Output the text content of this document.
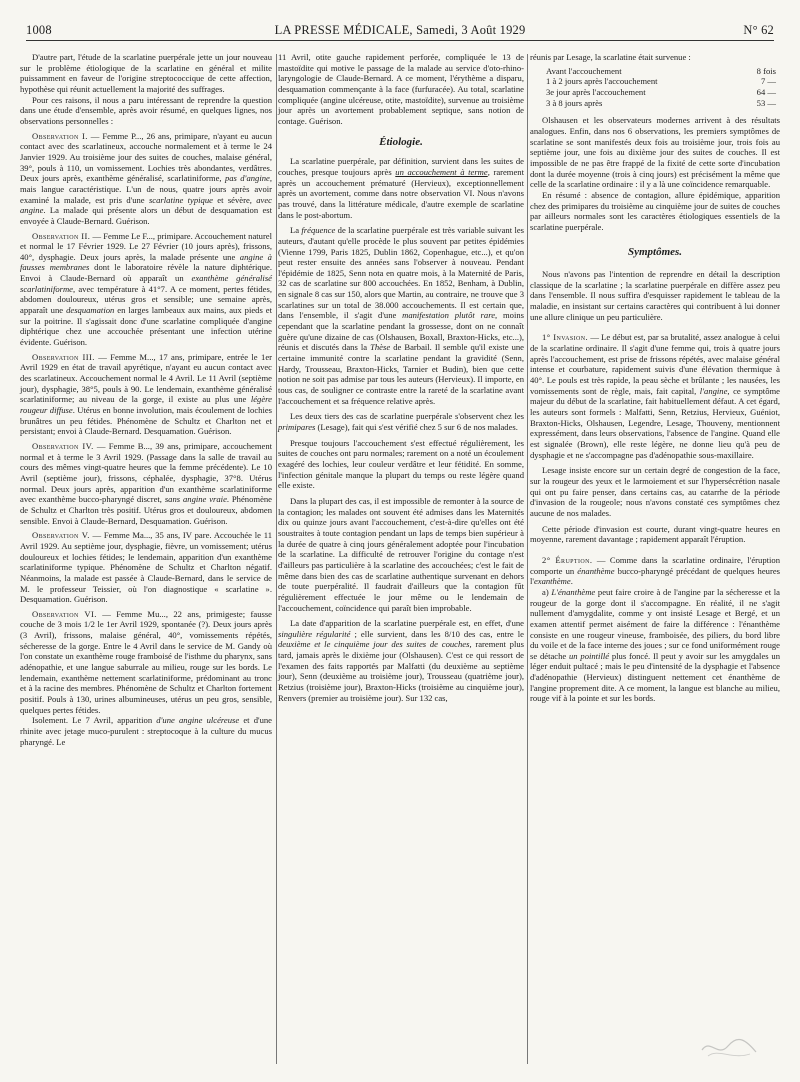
1008	LA PRESSE MÉDICALE, Samedi, 3 Août 1929	N° 62

D'autre part, l'étude de la scarlatine puerpérale jette un jour nouveau sur le problème étiologique de la scarlatine en général et milite puissamment en faveur de l'origine streptococcique de cette affection, hypothèse qui réunit actuellement la majorité des suffrages.

Pour ces raisons, il nous a paru intéressant de reprendre la question dans une étude d'ensemble, après avoir résumé, en quelques lignes, nos observations personnelles :

Observation I. — Femme P..., 26 ans, primipare, n'ayant eu aucun contact avec des scarlatineux, accouche normalement et à terme le 24 Janvier 1929. Au troisième jour des suites de couches, malaise général, 39°, pouls à 110, un vomissement. Lochies très abondantes, verdâtres. Deux jours après, exanthème généralisé, scarlatiniforme, pas d'angine, mais langue caractéristique. L'un de nous, quatre jours après avoir examiné la malade, est pris d'une scarlatine typique et sévère, avec angine. La malade qui présente alors un début de desquamation est envoyée à Claude-Bernard. Guérison.

Observation II. — Femme Le F..., primipare. Accouchement naturel et normal le 17 Février 1929. Le 27 Février (10 jours après), frissons, 40°, dysphagie. Deux jours après, la malade présente une angine à fausses membranes dont le laboratoire révèle la nature diphtérique. Envoi à Claude-Bernard où apparaît un exanthème généralisé scarlatiniforme, avec température à 41°7. A ce moment, pertes fétides, abdomen douloureux, utérus gros et sensible; une semaine après, apparaît une desquamation en larges lambeaux aux mains, aux pieds et sur la poitrine. Il s'agissait donc d'une scarlatine compliquée d'angine diphtérique chez une accouchée présentant une infection utérine évidente. Guérison.

Observation III. — Femme M..., 17 ans, primipare, entrée le 1er Avril 1929 en état de travail apyrétique, n'ayant eu aucun contact avec des scarlatineux. Accouchement normal le 4 Avril. Le 11 Avril (septième jour), dysphagie, 38°5, pouls à 90. Le lendemain, exanthème généralisé scarlatiniforme; au niveau de la gorge, il existe au plus une légère rougeur diffuse. Utérus en bonne involution, mais écoulement de lochies brunâtres un peu fétides. Phénomène de Schultz et Charlton net et persistant; envoi à Claude-Bernard. Desquamation. Guérison.

Observation IV. — Femme B..., 39 ans, primipare, accouchement normal et à terme le 3 Avril 1929. (Passage dans la salle de travail au cours des mêmes vingt-quatre heures que la femme précédente). Le 10 Avril (septième jour), frissons, céphalée, dysphagie, 37°8. Utérus normal. Deux jours après, apparition d'un exanthème scarlatiniforme avec exanthème bucco-pharyngé discret, sans angine vraie. Phénomène de Schultz et Charlton très positif. Utérus gros et douloureux, abdomen sensible. Envoi à Claude-Bernard, Desquamation. Guérison.

Observation V. — Femme Ma..., 35 ans, IV pare. Accouchée le 11 Avril 1929. Au septième jour, dysphagie, fièvre, un vomissement; utérus douloureux et lochies fétides; le lendemain, apparition d'un exanthème scarlatiniforme typique. Phénomène de Schultz et Charlton négatif. Néanmoins, la malade est passée à Claude-Bernard, dans le service de M. le professeur Teissier, où l'on diagnostique « scarlatine ». Desquamation. Guérison.

Observation VI. — Femme Mu..., 22 ans, primigeste; fausse couche de 3 mois 1/2 le 1er Avril 1929, spontanée (?). Deux jours après (3 Avril), frissons, malaise général, 40°, vomissements répétés, sécheresse de la gorge. Entre le 4 Avril dans le service de M. Gandy où l'on constate un exanthème rouge framboisé de l'isthme du pharynx, sans adénopathie, et une langue saburrale au milieu, rouge sur les bords. Le lendemain, exanthème nettement scarlatiniforme, prédominant au tronc et à la racine des membres. Phénomène de Schultz et Charlton fortement positif. Pouls à 130, urines albumineuses, utérus un peu gros, sensible, quelques pertes fétides.

Isolement. Le 7 Avril, apparition d'une angine ulcéreuse et d'une rhinite avec jetage muco-purulent : streptocoque à la culture du mucus pharyngé. Le

11 Avril, otite gauche rapidement perforée, compliquée le 13 de mastoïdite qui motive le passage de la malade au service d'oto-rhino-laryngologie de Claude-Bernard. A ce moment, l'érythème a disparu, desquamation commençante à la face (furfuracée). Au total, scarlatine compliquée (angine ulcéreuse, otite, mastoïdite), survenue au troisième jour après un avortement probablement septique, sans notion de contage. Guérison.

Étiologie.

La scarlatine puerpérale, par définition, survient dans les suites de couches, presque toujours après un accouchement à terme, rarement après un accouchement prématuré (Hervieux), exceptionnellement après un avortement, comme dans notre observation VI. Nous n'avons pas trouvé, dans la littérature médicale, d'autre exemple de scarlatine dans le post-abortum.

La fréquence de la scarlatine puerpérale est très variable suivant les auteurs, d'autant qu'elle procède le plus souvent par petites épidémies (Vienne 1799, Paris 1825, Dublin 1862, Copenhague, etc...), et qu'on peut rester ensuite des années sans l'observer à nouveau. Pendant l'épidémie de 1825, Senn nota en quatre mois, à la Maternité de Paris, 32 cas de scarlatine sur 800 accouchées. En 1852, Benham, à Dublin, en signale 8 cas sur 150, alors que Martin, au contraire, ne trouve que 3 scarlatines sur un total de 38.000 accouchements. Il est certain que, dans l'ensemble, il s'agit d'une manifestation plutôt rare, moins cependant que la scarlatine pendant la grossesse, dont on ne connaît guère qu'une dizaine de cas (Olshausen, Boxall, Braxton-Hicks, etc...), réunis et discutés dans la Thèse de Barbail. Il semble qu'il existe une certaine immunité contre la scarlatine pendant la gravidité (Senn, Hardy, Trousseau, Braxton-Hicks, Tarnier et Budin), bien que cette notion ne soit pas admise par tous les auteurs (Hervieux). Il importe, en tous cas, de souligner ce contraste entre la rareté de la scarlatine avant l'accouchement et sa fréquence relative après.

Les deux tiers des cas de scarlatine puerpérale s'observent chez les primipares (Lesage), fait qui s'est vérifié chez 5 sur 6 de nos malades.

Presque toujours l'accouchement s'est effectué régulièrement, les suites de couches ont paru normales; rarement on a noté un écoulement exagéré des lochies, leur couleur verdâtre et leur fétidité. En somme, l'infection génitale manque la plupart du temps ou reste légère quand elle existe.

Dans la plupart des cas, il est impossible de remonter à la source de la contagion; les malades ont souvent été admises dans les Maternités dix ou quinze jours avant l'accouchement, c'est-à-dire qu'elles ont été soustraites à toute contagion pendant un laps de temps bien supérieur à la durée de quatre à cinq jours généralement adoptée pour l'incubation de la scarlatine. La difficulté de retrouver l'origine du contage n'est d'ailleurs pas particulière à la scarlatine des accouchées; c'est le fait de même dans bien des cas de scarlatine authentique survenant en dehors de toute puerpéralité. Il faudrait d'ailleurs que la contagion fût régulièrement effectuée le jour même ou le lendemain de l'accouchement, coïncidence qui paraît bien improbable.

La date d'apparition de la scarlatine puerpérale est, en effet, d'une singulière régularité ; elle survient, dans les 8/10 des cas, entre le deuxième et le cinquième jour des suites de couches, rarement plus tard, jamais après le dixième jour (Olshausen). C'est ce qui ressort de l'examen des faits rapportés par Malfatti (du deuxième au septième jour), Senn (deuxième au troisième jour), Trousseau (quatrième jour), Retzius (troisième jour), Braxton-Hicks (troisième au cinquième jour), Renvers (premier au troisième jour). Sur 132 cas,

réunis par Lesage, la scarlatine était survenue :

Avant l'accouchement	8 fois
1 à 2 jours après l'accouchement	7 —
3e jour après l'accouchement	64 —
3 à 8 jours après	53 —

Olshausen et les observateurs modernes arrivent à des résultats analogues. Enfin, dans nos 6 observations, les premiers symptômes de scarlatine se sont manifestés deux fois au troisième jour, trois fois au septième jour, une fois au dixième jour des suites de couches. Il est impossible de ne pas être frappé de la fixité de cette sorte d'incubation dont la durée moyenne (trois à cinq jours) est précisément la même que celle de la scarlatine ordinaire : il y a là une coïncidence remarquable.

En résumé : absence de contagion, allure épidémique, apparition chez des primipares du troisième au cinquième jour de suites de couches par ailleurs normales sont les caractères étiologiques essentiels de la scarlatine puerpérale.

Symptômes.

Nous n'avons pas l'intention de reprendre en détail la description classique de la scarlatine ; la scarlatine puerpérale en diffère assez peu dans l'ensemble. Il nous suffira d'esquisser rapidement le tableau de la maladie, en insistant sur certains caractères qui contribuent à lui donner une allure clinique un peu particulière.

1° Invasion. — Le début est, par sa brutalité, assez analogue à celui de la scarlatine ordinaire. Il s'agit d'une femme qui, trois à quatre jours après l'accouchement, est prise de frissons répétés, avec malaise général intense et courbature, rapidement suivis d'une élévation thermique à 40°. Le pouls est très rapide, la peau sèche et brûlante ; les nausées, les vomissements sont de règle, mais, fait capital, l'angine, ce symptôme majeur du début de la scarlatine, fait habituellement défaut. A cet égard, les auteurs sont formels : Malfatti, Senn, Retzius, Hervieux, Guéniot, Braxton-Hicks, Olshausen, Legendre, Lesage, Thouveny, mentionnent expressément, dans leurs observations, l'absence de l'angine. Quand elle est signalée (Brown), elle reste légère, ne donne lieu qu'à peu de dysphagie et ne s'accompagne pas d'adénopathie sous-maxillaire.

Lesage insiste encore sur un certain degré de congestion de la face, sur la rougeur des yeux et le larmoiement et sur l'hypersécrétion nasale qui ont pu faire penser, dans certains cas, au catarrhe de la période d'invasion de la rougeole; nous n'avons constaté ces symptômes chez aucune de nos malades.

Cette période d'invasion est courte, durant vingt-quatre heures en moyenne, rarement davantage ; rapidement apparaît l'éruption.

2° Éruption. — Comme dans la scarlatine ordinaire, l'éruption comporte un énanthème bucco-pharyngé précédant de quelques heures l'exanthème.

a) L'énanthème peut faire croire à de l'angine par la sécheresse et la rougeur de la gorge dont il s'accompagne. En réalité, il ne s'agit nullement d'amygdalite, comme y ont insisté Lesage et Bergé, et un examen attentif permet aisément de faire la différence : l'énanthème consiste en une rougeur vineuse, framboisée, des piliers, du bord libre du voile et de la face interne des joues ; sur ce fond uniformément rouge se détache un pointillé plus foncé. Il peut y avoir sur les amygdales un léger enduit pultacé ; mais le peu d'intensité de la dysphagie et l'absence d'adénopathie (Hervieux) distinguent nettement cet énanthème de l'angine proprement dite. A ce moment, la langue est blanche au milieu, rouge vif à la pointe et sur les bords.
